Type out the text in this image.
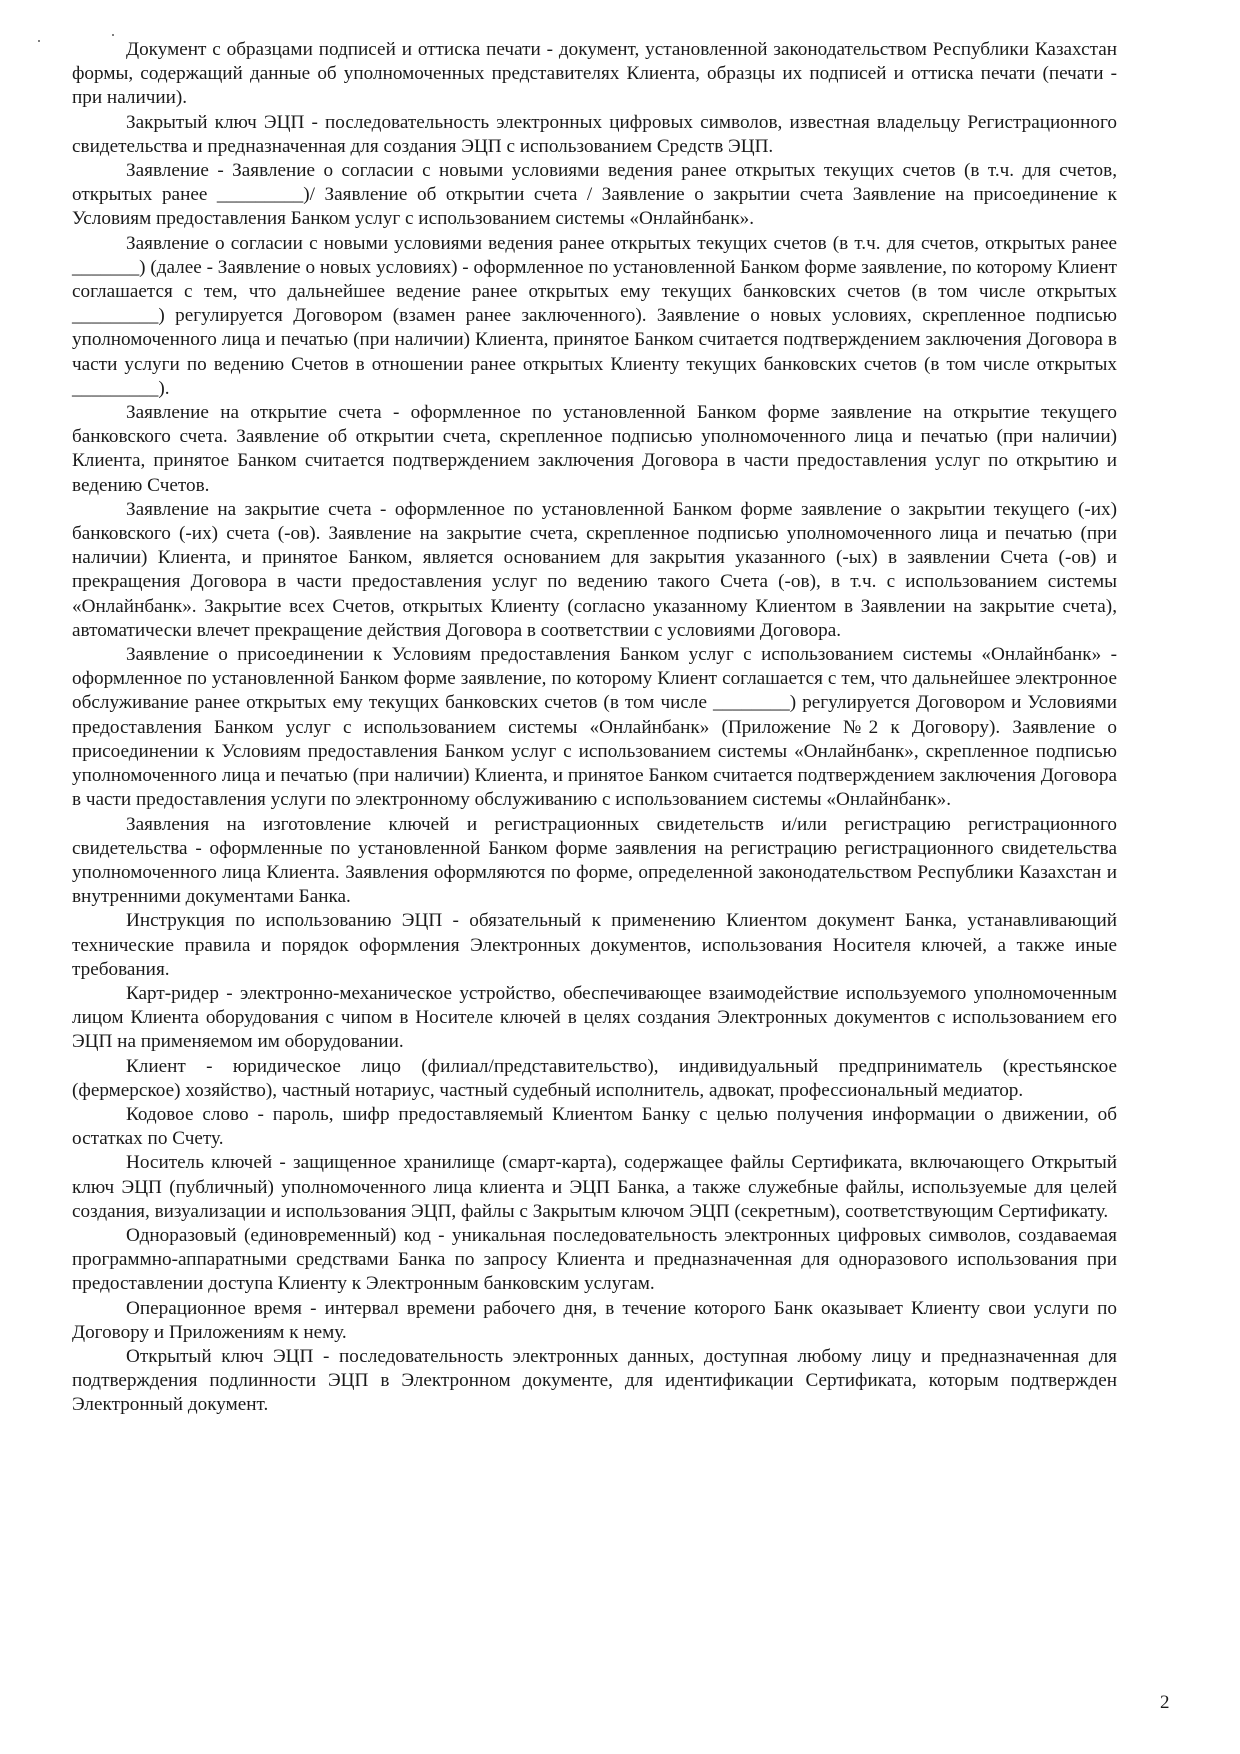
Документ с образцами подписей и оттиска печати - документ, установленной законодательством Республики Казахстан формы, содержащий данные об уполномоченных представителях Клиента, образцы их подписей и оттиска печати (печати - при наличии).

Закрытый ключ ЭЦП - последовательность электронных цифровых символов, известная владельцу Регистрационного свидетельства и предназначенная для создания ЭЦП с использованием Средств ЭЦП.

Заявление - Заявление о согласии с новыми условиями ведения ранее открытых текущих счетов (в т.ч. для счетов, открытых ранее _________)/ Заявление об открытии счета / Заявление о закрытии счета Заявление на присоединение к Условиям предоставления Банком услуг с использованием системы «Онлайнбанк».

Заявление о согласии с новыми условиями ведения ранее открытых текущих счетов (в т.ч. для счетов, открытых ранее _______) (далее - Заявление о новых условиях) - оформленное по установленной Банком форме заявление, по которому Клиент соглашается с тем, что дальнейшее ведение ранее открытых ему текущих банковских счетов (в том числе открытых _________) регулируется Договором (взамен ранее заключенного). Заявление о новых условиях, скрепленное подписью уполномоченного лица и печатью (при наличии) Клиента, принятое Банком считается подтверждением заключения Договора в части услуги по ведению Счетов в отношении ранее открытых Клиенту текущих банковских счетов (в том числе открытых _________).

Заявление на открытие счета - оформленное по установленной Банком форме заявление на открытие текущего банковского счета. Заявление об открытии счета, скрепленное подписью уполномоченного лица и печатью (при наличии) Клиента, принятое Банком считается подтверждением заключения Договора в части предоставления услуг по открытию и ведению Счетов.

Заявление на закрытие счета - оформленное по установленной Банком форме заявление о закрытии текущего (-их) банковского (-их) счета (-ов). Заявление на закрытие счета, скрепленное подписью уполномоченного лица и печатью (при наличии) Клиента, и принятое Банком, является основанием для закрытия указанного (-ых) в заявлении Счета (-ов) и прекращения Договора в части предоставления услуг по ведению такого Счета (-ов), в т.ч. с использованием системы «Онлайнбанк». Закрытие всех Счетов, открытых Клиенту (согласно указанному Клиентом в Заявлении на закрытие счета), автоматически влечет прекращение действия Договора в соответствии с условиями Договора.

Заявление о присоединении к Условиям предоставления Банком услуг с использованием системы «Онлайнбанк» - оформленное по установленной Банком форме заявление, по которому Клиент соглашается с тем, что дальнейшее электронное обслуживание ранее открытых ему текущих банковских счетов (в том числе ________) регулируется Договором и Условиями предоставления Банком услуг с использованием системы «Онлайнбанк» (Приложение №2 к Договору). Заявление о присоединении к Условиям предоставления Банком услуг с использованием системы «Онлайнбанк», скрепленное подписью уполномоченного лица и печатью (при наличии) Клиента, и принятое Банком считается подтверждением заключения Договора в части предоставления услуги по электронному обслуживанию с использованием системы «Онлайнбанк».

Заявления на изготовление ключей и регистрационных свидетельств и/или регистрацию регистрационного свидетельства - оформленные по установленной Банком форме заявления на регистрацию регистрационного свидетельства уполномоченного лица Клиента. Заявления оформляются по форме, определенной законодательством Республики Казахстан и внутренними документами Банка.

Инструкция по использованию ЭЦП - обязательный к применению Клиентом документ Банка, устанавливающий технические правила и порядок оформления Электронных документов, использования Носителя ключей, а также иные требования.

Карт-ридер - электронно-механическое устройство, обеспечивающее взаимодействие используемого уполномоченным лицом Клиента оборудования с чипом в Носителе ключей в целях создания Электронных документов с использованием его ЭЦП на применяемом им оборудовании.

Клиент - юридическое лицо (филиал/представительство), индивидуальный предприниматель (крестьянское (фермерское) хозяйство), частный нотариус, частный судебный исполнитель, адвокат, профессиональный медиатор.

Кодовое слово - пароль, шифр предоставляемый Клиентом Банку с целью получения информации о движении, об остатках по Счету.

Носитель ключей - защищенное хранилище (смарт-карта), содержащее файлы Сертификата, включающего Открытый ключ ЭЦП (публичный) уполномоченного лица клиента и ЭЦП Банка, а также служебные файлы, используемые для целей создания, визуализации и использования ЭЦП, файлы с Закрытым ключом ЭЦП (секретным), соответствующим Сертификату.

Одноразовый (единовременный) код - уникальная последовательность электронных цифровых символов, создаваемая программно-аппаратными средствами Банка по запросу Клиента и предназначенная для одноразового использования при предоставлении доступа Клиенту к Электронным банковским услугам.

Операционное время - интервал времени рабочего дня, в течение которого Банк оказывает Клиенту свои услуги по Договору и Приложениям к нему.

Открытый ключ ЭЦП - последовательность электронных данных, доступная любому лицу и предназначенная для подтверждения подлинности ЭЦП в Электронном документе, для идентификации Сертификата, которым подтвержден Электронный документ.

2
